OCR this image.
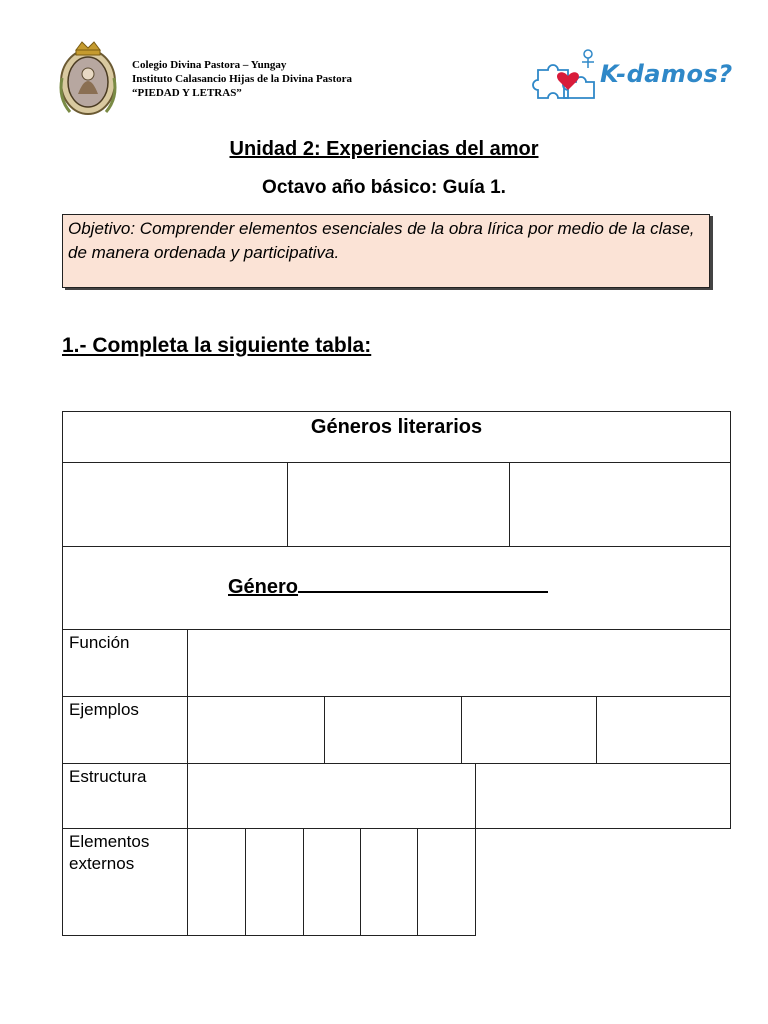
Colegio Divina Pastora – Yungay
Instituto Calasancio Hijas de la Divina Pastora
“PIEDAD Y LETRAS”
K-damos?
Unidad 2: Experiencias del amor
Octavo año básico: Guía 1.
Objetivo: Comprender elementos esenciales de la obra lírica por medio de la clase, de manera ordenada y participativa.
1.- Completa la siguiente tabla:
Géneros literarios
Género
Función
Ejemplos
Estructura
Elementos externos
